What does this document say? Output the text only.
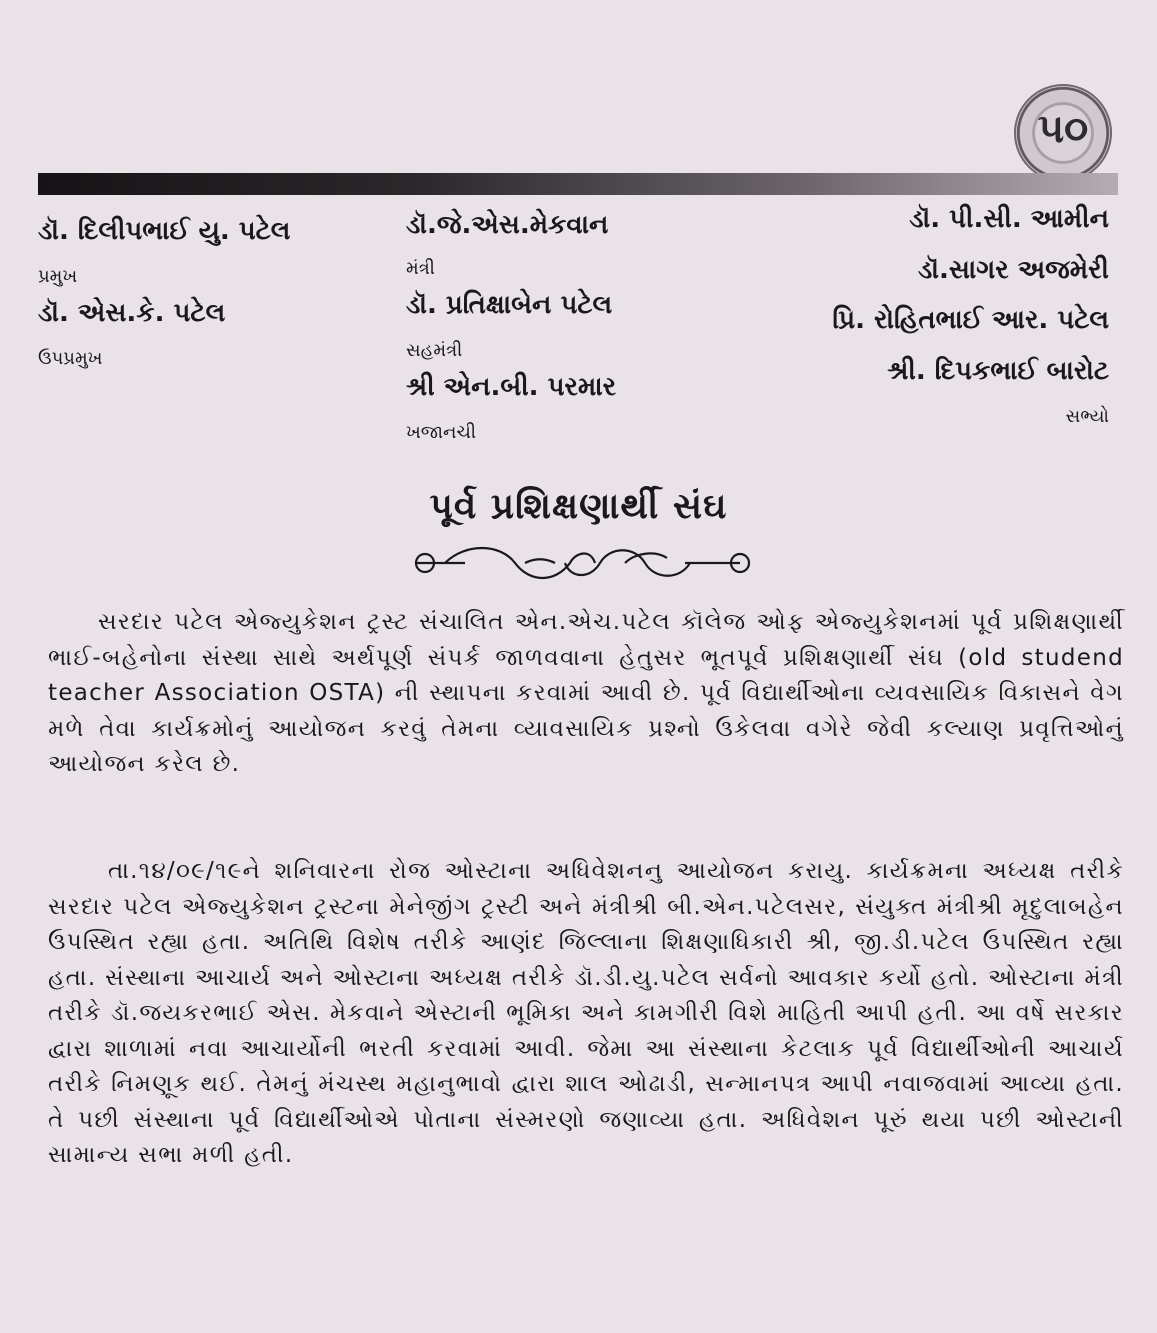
૫૦
ડૉ. દિલીપભાઈ યુ. પટેલ
પ્રમુખ
ડૉ. એસ.કે. પટેલ
ઉપપ્રમુખ
ડૉ.જે.એસ.મેકવાન
મંત્રી
ડૉ. પ્રતિક્ષાબેન પટેલ
સહમંત્રી
શ્રી એન.બી. પરમાર
ખજાનચી
ડૉ. પી.સી. આમીન
ડૉ.સાગર અજમેરી
પ્રિ. રોહિતભાઈ આર. પટેલ
શ્રી. દિપકભાઈ બારોટ
સભ્યો
પૂર્વ પ્રશિક્ષણાર્થી સંઘ

સરદાર પટેલ એજ્યુકેશન ટ્રસ્ટ સંચાલિત એન.એચ.પટેલ કૉલેજ ઓફ એજ્યુકેશનમાં પૂર્વ પ્રશિક્ષણાર્થી ભાઈ-બહેનોના સંસ્થા સાથે અર્થપૂર્ણ સંપર્ક જાળવવાના હેતુસર ભૂતપૂર્વ પ્રશિક્ષણાર્થી સંઘ (old studend teacher Association OSTA) ની સ્થાપના કરવામાં આવી છે. પૂર્વ વિદ્યાર્થીઓના વ્યવસાયિક વિકાસને વેગ મળે તેવા કાર્યક્રમોનું આયોજન કરવું તેમના વ્યાવસાયિક પ્રશ્નો ઉકેલવા વગેરે જેવી કલ્યાણ પ્રવૃત્તિઓનું આયોજન કરેલ છે.

તા.૧૪/૦૯/૧૯ને શનિવારના રોજ ઓસ્ટાના અધિવેશનનુ આયોજન કરાયુ. કાર્યક્રમના અધ્યક્ષ તરીકે સરદાર પટેલ એજ્યુકેશન ટ્રસ્ટના મેનેજીંગ ટ્રસ્ટી અને મંત્રીશ્રી બી.એન.પટેલસર, સંયુક્ત મંત્રીશ્રી મૃદુલાબહેન ઉપસ્થિત રહ્યા હતા. અતિથિ વિશેષ તરીકે આણંદ જિલ્લાના શિક્ષણાધિકારી શ્રી, જી.ડી.પટેલ ઉપસ્થિત રહ્યા હતા. સંસ્થાના આચાર્ય અને ઓસ્ટાના અધ્યક્ષ તરીકે ડૉ.ડી.યુ.પટેલ સર્વનો આવકાર કર્યો હતો. ઓસ્ટાના મંત્રી તરીકે ડૉ.જયકરભાઈ એસ. મેકવાને એસ્ટાની ભૂમિકા અને કામગીરી વિશે માહિતી આપી હતી. આ વર્ષે સરકાર દ્વારા શાળામાં નવા આચાર્યોની ભરતી કરવામાં આવી. જેમા આ સંસ્થાના કેટલાક પૂર્વ વિદ્યાર્થીઓની આચાર્ય તરીકે નિમણૂક થઈ. તેમનું મંચસ્થ મહાનુભાવો દ્વારા શાલ ઓઢાડી, સન્માનપત્ર આપી નવાજવામાં આવ્યા હતા. તે પછી સંસ્થાના પૂર્વ વિદ્યાર્થીઓએ પોતાના સંસ્મરણો જણાવ્યા હતા. અધિવેશન પૂરું થયા પછી ઓસ્ટાની સામાન્ય સભા મળી હતી.
